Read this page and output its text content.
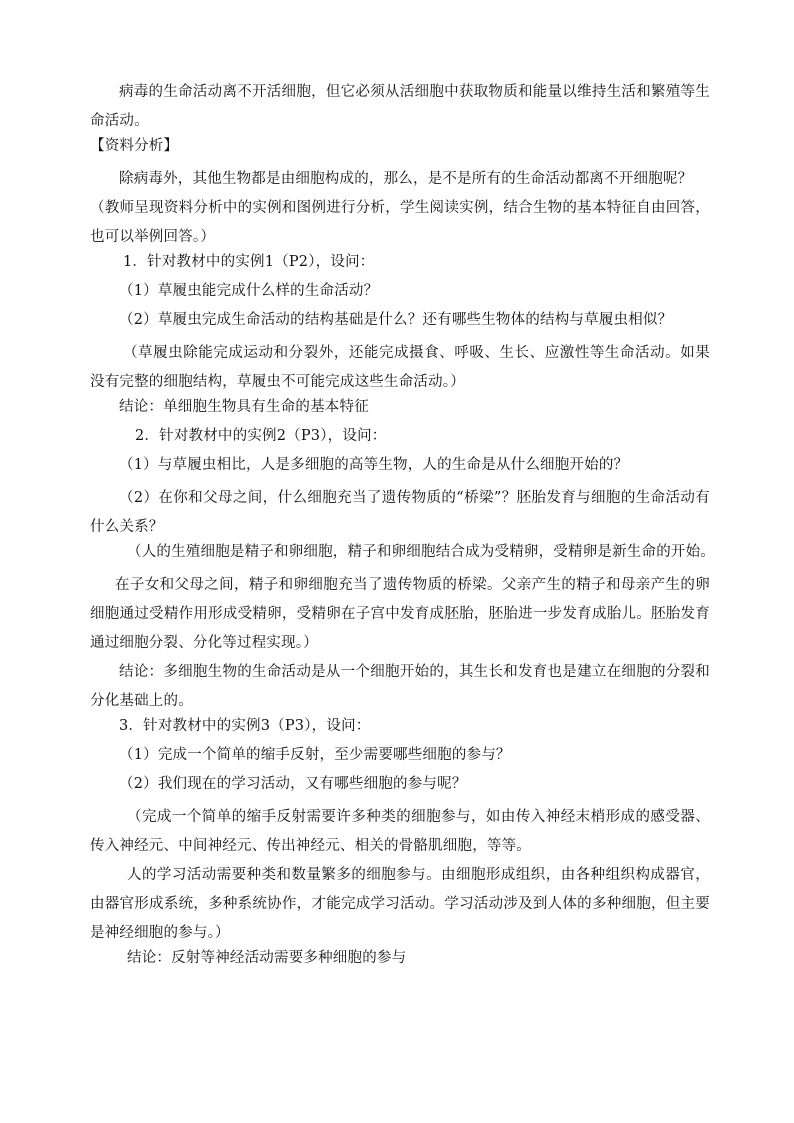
病毒的生命活动离不开活细胞，但它必须从活细胞中获取物质和能量以维持生活和繁殖等生命活动。
【资料分析】
除病毒外，其他生物都是由细胞构成的，那么，是不是所有的生命活动都离不开细胞呢？
（教师呈现资料分析中的实例和图例进行分析，学生阅读实例，结合生物的基本特征自由回答，也可以举例回答。）
1．针对教材中的实例1（P2），设问：
（1）草履虫能完成什么样的生命活动？
（2）草履虫完成生命活动的结构基础是什么？还有哪些生物体的结构与草履虫相似？
（草履虫除能完成运动和分裂外，还能完成摄食、呼吸、生长、应激性等生命活动。如果没有完整的细胞结构，草履虫不可能完成这些生命活动。）
结论：单细胞生物具有生命的基本特征
2．针对教材中的实例2（P3），设问：
（1）与草履虫相比，人是多细胞的高等生物，人的生命是从什么细胞开始的？
（2）在你和父母之间，什么细胞充当了遗传物质的“桥梁”？胚胎发育与细胞的生命活动有什么关系？
（人的生殖细胞是精子和卵细胞，精子和卵细胞结合成为受精卵，受精卵是新生命的开始。
在子女和父母之间，精子和卵细胞充当了遗传物质的桥梁。父亲产生的精子和母亲产生的卵细胞通过受精作用形成受精卵，受精卵在子宫中发育成胚胎，胚胎进一步发育成胎儿。胚胎发育通过细胞分裂、分化等过程实现。）
结论：多细胞生物的生命活动是从一个细胞开始的，其生长和发育也是建立在细胞的分裂和分化基础上的。
3．针对教材中的实例3（P3），设问：
（1）完成一个简单的缩手反射，至少需要哪些细胞的参与？
（2）我们现在的学习活动，又有哪些细胞的参与呢？
（完成一个简单的缩手反射需要许多种类的细胞参与，如由传入神经末梢形成的感受器、传入神经元、中间神经元、传出神经元、相关的骨骼肌细胞，等等。
人的学习活动需要种类和数量繁多的细胞参与。由细胞形成组织，由各种组织构成器官，由器官形成系统，多种系统协作，才能完成学习活动。学习活动涉及到人体的多种细胞，但主要是神经细胞的参与。）
结论：反射等神经活动需要多种细胞的参与
